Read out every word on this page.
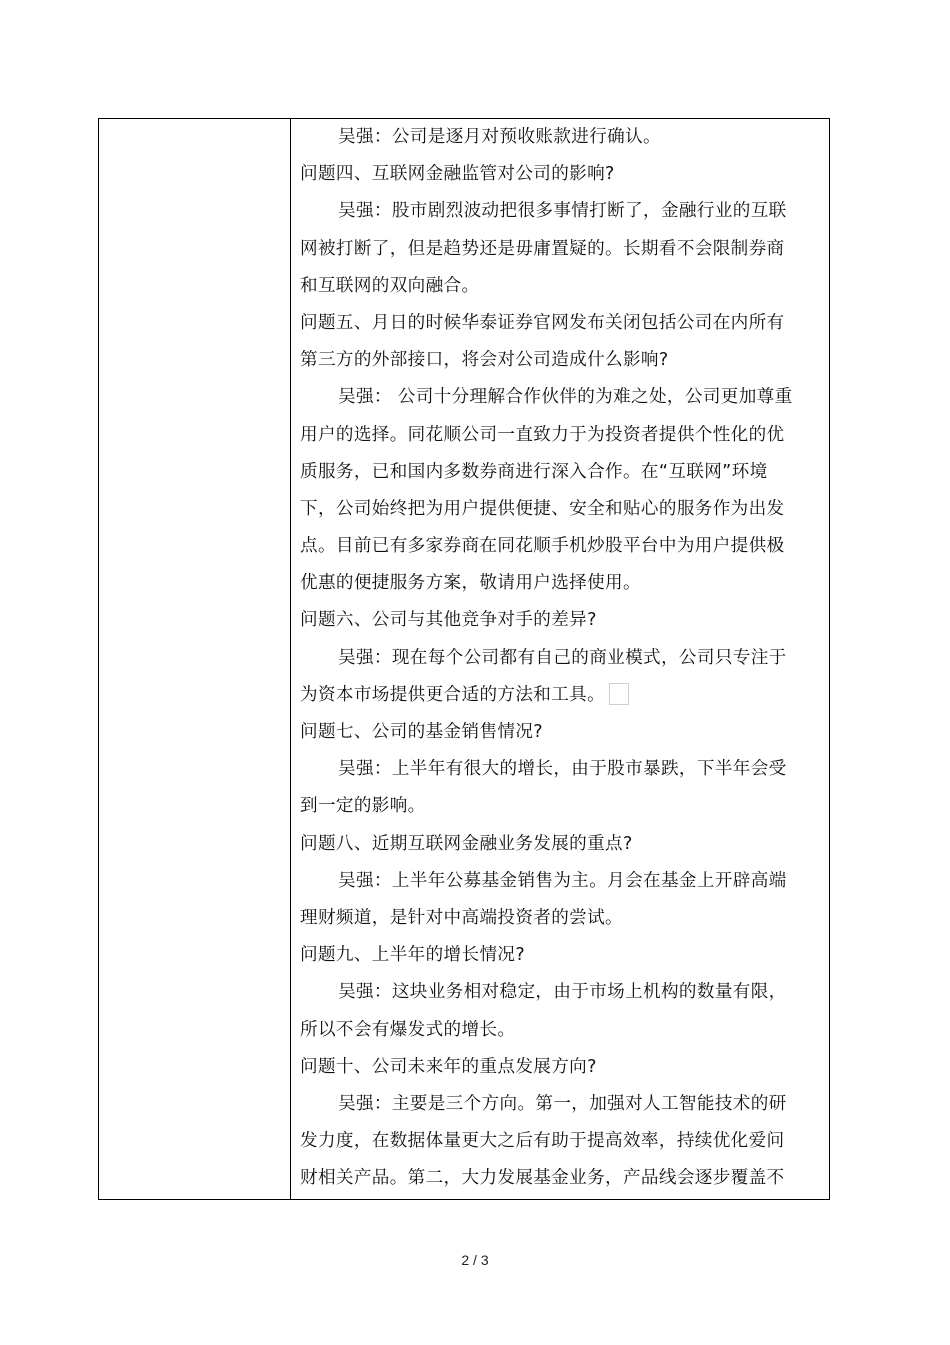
吴强：公司是逐月对预收账款进行确认。
问题四、互联网金融监管对公司的影响?
吴强：股市剧烈波动把很多事情打断了，金融行业的互联
网被打断了，但是趋势还是毋庸置疑的。长期看不会限制券商
和互联网的双向融合。
问题五、月日的时候华泰证券官网发布关闭包括公司在内所有
第三方的外部接口，将会对公司造成什么影响?
吴强： 公司十分理解合作伙伴的为难之处，公司更加尊重
用户的选择。同花顺公司一直致力于为投资者提供个性化的优
质服务，已和国内多数券商进行深入合作。在“互联网”环境
下，公司始终把为用户提供便捷、安全和贴心的服务作为出发
点。目前已有多家券商在同花顺手机炒股平台中为用户提供极
优惠的便捷服务方案，敬请用户选择使用。
问题六、公司与其他竞争对手的差异?
吴强：现在每个公司都有自己的商业模式，公司只专注于
为资本市场提供更合适的方法和工具。
问题七、公司的基金销售情况?
吴强：上半年有很大的增长，由于股市暴跌，下半年会受
到一定的影响。
问题八、近期互联网金融业务发展的重点?
吴强：上半年公募基金销售为主。月会在基金上开辟高端
理财频道，是针对中高端投资者的尝试。
问题九、上半年的增长情况?
吴强：这块业务相对稳定，由于市场上机构的数量有限，
所以不会有爆发式的增长。
问题十、公司未来年的重点发展方向?
吴强：主要是三个方向。第一，加强对人工智能技术的研
发力度，在数据体量更大之后有助于提高效率，持续优化爱问
财相关产品。第二，大力发展基金业务，产品线会逐步覆盖不
2 / 3
